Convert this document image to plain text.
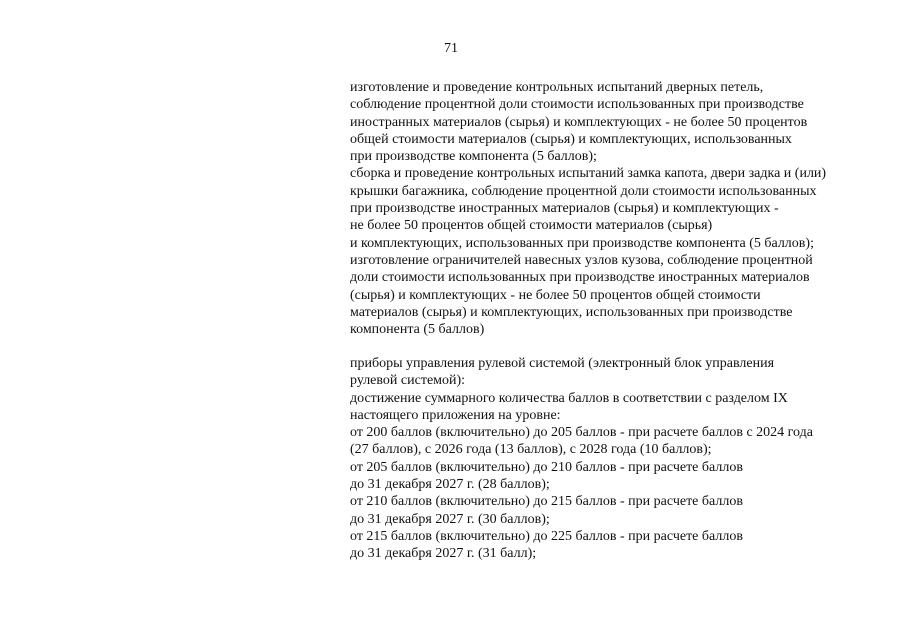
71
изготовление и проведение контрольных испытаний дверных петель,
соблюдение процентной доли стоимости использованных при производстве
иностранных материалов (сырья) и комплектующих - не более 50 процентов
общей стоимости материалов (сырья) и комплектующих, использованных
при производстве компонента (5 баллов);
сборка и проведение контрольных испытаний замка капота, двери задка и (или)
крышки багажника, соблюдение процентной доли стоимости использованных
при производстве иностранных материалов (сырья) и комплектующих -
не более 50 процентов общей стоимости материалов (сырья)
и комплектующих, использованных при производстве компонента (5 баллов);
изготовление ограничителей навесных узлов кузова, соблюдение процентной
доли стоимости использованных при производстве иностранных материалов
(сырья) и комплектующих - не более 50 процентов общей стоимости
материалов (сырья) и комплектующих, использованных при производстве
компонента (5 баллов)
приборы управления рулевой системой (электронный блок управления
рулевой системой):
достижение суммарного количества баллов в соответствии с разделом IX
настоящего приложения на уровне:
от 200 баллов (включительно) до 205 баллов - при расчете баллов с 2024 года
(27 баллов), с 2026 года (13 баллов), с 2028 года (10 баллов);
от 205 баллов (включительно) до 210 баллов - при расчете баллов
до 31 декабря 2027 г. (28 баллов);
от 210 баллов (включительно) до 215 баллов - при расчете баллов
до 31 декабря 2027 г. (30 баллов);
от 215 баллов (включительно) до 225 баллов - при расчете баллов
до 31 декабря 2027 г. (31 балл);
